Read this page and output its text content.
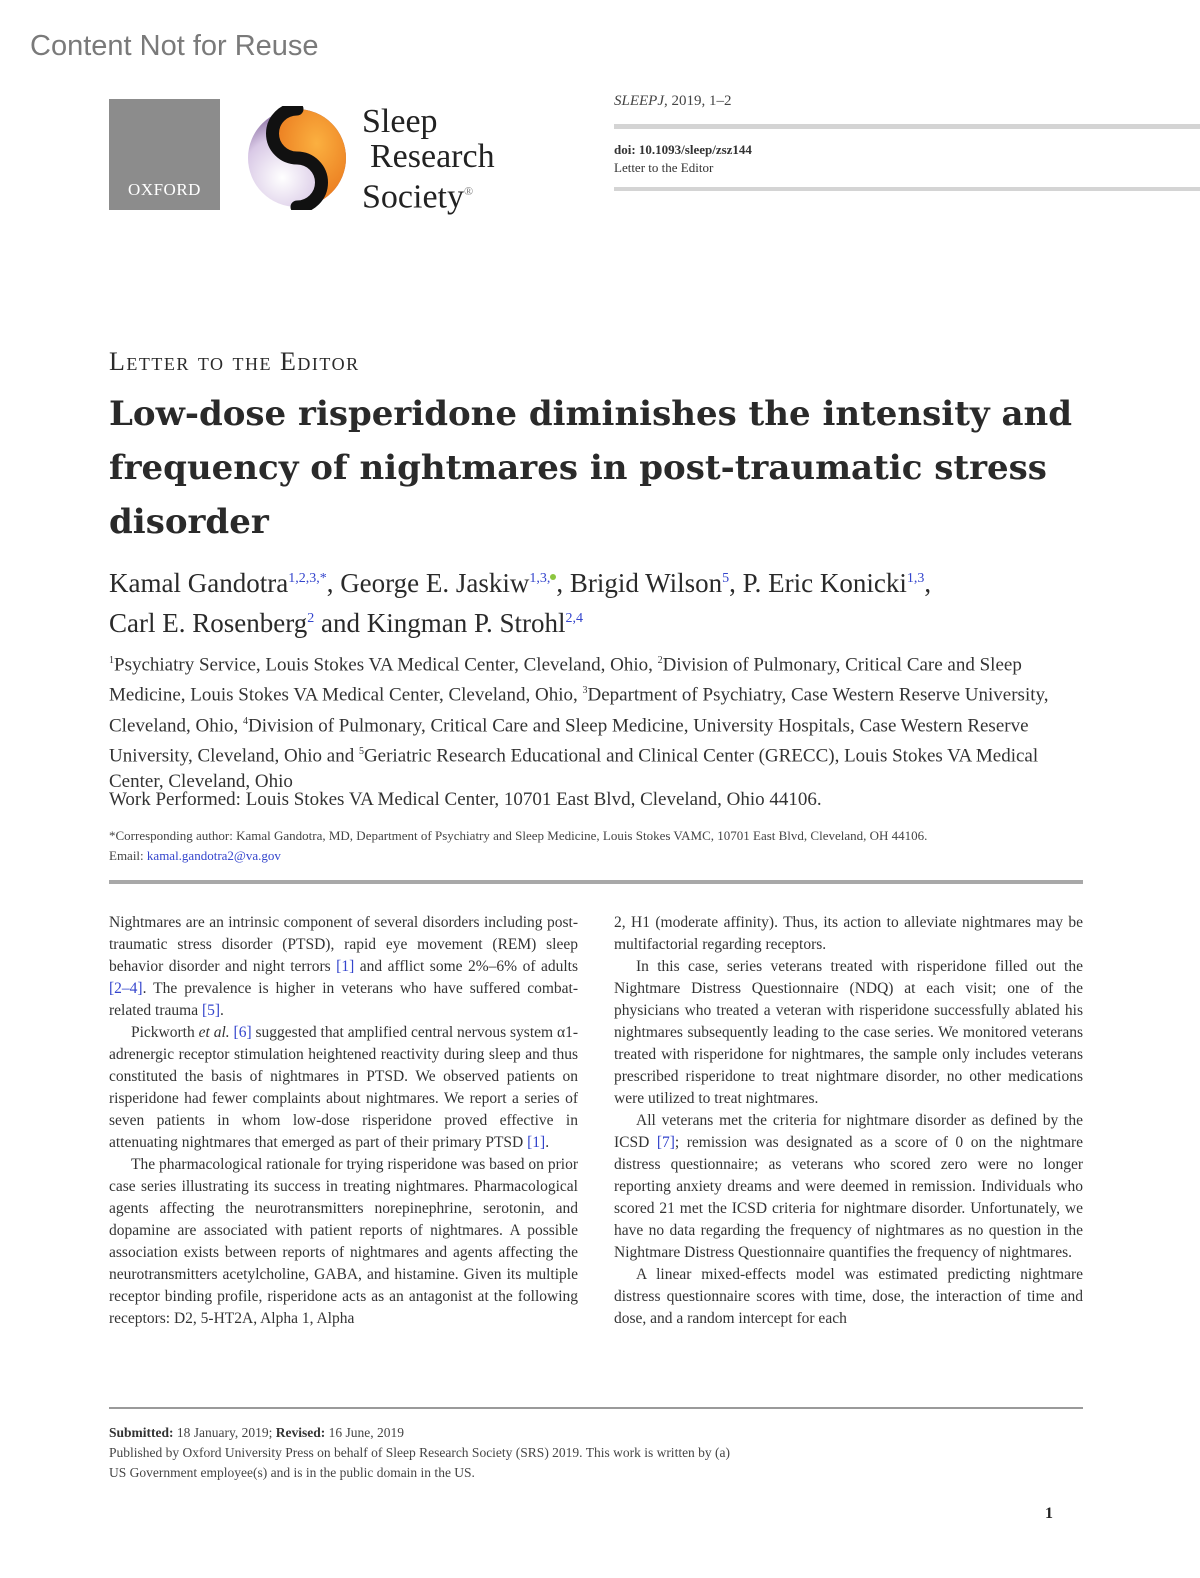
Content Not for Reuse
OXFORD
Sleep
Research
Society®
SLEEPJ, 2019, 1–2
doi: 10.1093/sleep/zsz144
Letter to the Editor
Letter to the Editor
Low-dose risperidone diminishes the intensity and frequency of nightmares in post-traumatic stress disorder
Kamal Gandotra$^{1,2,3,*}$, George E. Jaskiw$^{1,3,}$ , Brigid Wilson$^5$, P. Eric Konicki$^{1,3}$,
Carl E. Rosenberg$^2$ and Kingman P. Strohl$^{2,4}$
$^1$Psychiatry Service, Louis Stokes VA Medical Center, Cleveland, Ohio, $^2$Division of Pulmonary, Critical Care and Sleep Medicine, Louis Stokes VA Medical Center, Cleveland, Ohio, $^3$Department of Psychiatry, Case Western Reserve University, Cleveland, Ohio, $^4$Division of Pulmonary, Critical Care and Sleep Medicine, University Hospitals, Case Western Reserve University, Cleveland, Ohio and $^5$Geriatric Research Educational and Clinical Center (GRECC), Louis Stokes VA Medical Center, Cleveland, Ohio
Work Performed: Louis Stokes VA Medical Center, 10701 East Blvd, Cleveland, Ohio 44106.
*Corresponding author: Kamal Gandotra, MD, Department of Psychiatry and Sleep Medicine, Louis Stokes VAMC, 10701 East Blvd, Cleveland, OH 44106.
Email: kamal.gandotra2@va.gov

Nightmares are an intrinsic component of several disorders including post-traumatic stress disorder (PTSD), rapid eye movement (REM) sleep behavior disorder and night terrors [1] and afflict some 2%–6% of adults [2–4]. The prevalence is higher in veterans who have suffered combat-related trauma [5].

Pickworth et al. [6] suggested that amplified central nervous system α1-adrenergic receptor stimulation heightened reactivity during sleep and thus constituted the basis of nightmares in PTSD. We observed patients on risperidone had fewer complaints about nightmares. We report a series of seven patients in whom low-dose risperidone proved effective in attenuating nightmares that emerged as part of their primary PTSD [1].

The pharmacological rationale for trying risperidone was based on prior case series illustrating its success in treating nightmares. Pharmacological agents affecting the neurotransmitters norepinephrine, serotonin, and dopamine are associated with patient reports of nightmares. A possible association exists between reports of nightmares and agents affecting the neurotransmitters acetylcholine, GABA, and histamine. Given its multiple receptor binding profile, risperidone acts as an antagonist at the following receptors: D2, 5-HT2A, Alpha 1, Alpha

2, H1 (moderate affinity). Thus, its action to alleviate nightmares may be multifactorial regarding receptors.

In this case, series veterans treated with risperidone filled out the Nightmare Distress Questionnaire (NDQ) at each visit; one of the physicians who treated a veteran with risperidone successfully ablated his nightmares subsequently leading to the case series. We monitored veterans treated with risperidone for nightmares, the sample only includes veterans prescribed risperidone to treat nightmare disorder, no other medications were utilized to treat nightmares.

All veterans met the criteria for nightmare disorder as defined by the ICSD [7]; remission was designated as a score of 0 on the nightmare distress questionnaire; as veterans who scored zero were no longer reporting anxiety dreams and were deemed in remission. Individuals who scored 21 met the ICSD criteria for nightmare disorder. Unfortunately, we have no data regarding the frequency of nightmares as no question in the Nightmare Distress Questionnaire quantifies the frequency of nightmares.

A linear mixed-effects model was estimated predicting nightmare distress questionnaire scores with time, dose, the interaction of time and dose, and a random intercept for each

Submitted: 18 January, 2019; Revised: 16 June, 2019
Published by Oxford University Press on behalf of Sleep Research Society (SRS) 2019. This work is written by (a)
US Government employee(s) and is in the public domain in the US.
1
